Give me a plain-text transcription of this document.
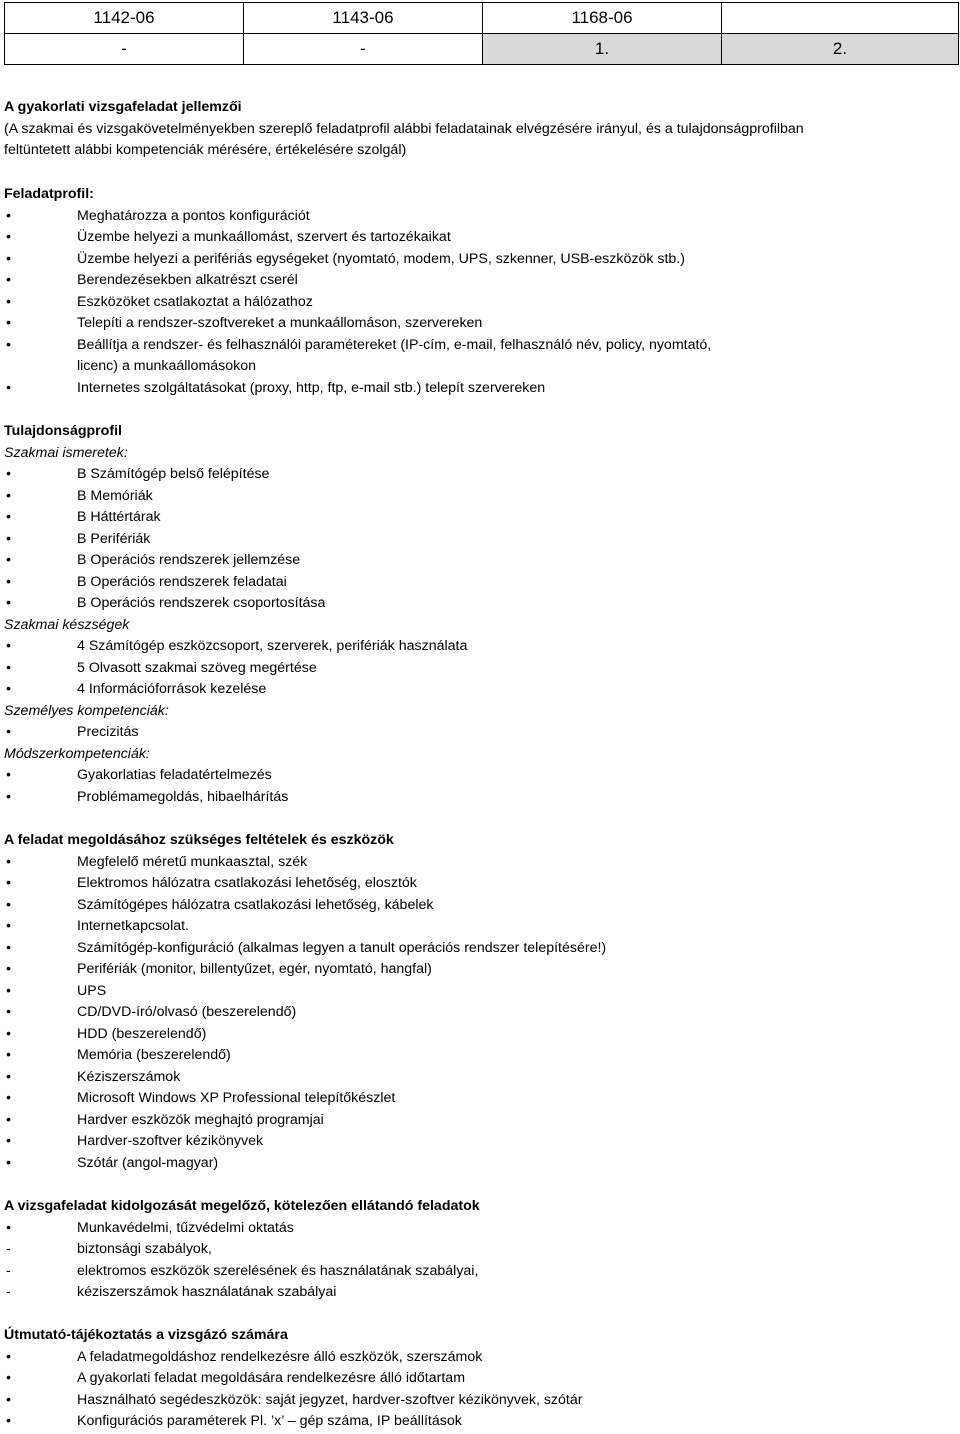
1142-06	1143-06	1168-06	
-	-	1.	2.
A gyakorlati vizsgafeladat jellemzői
(A szakmai és vizsgakövetelményekben szereplő feladatprofil alábbi feladatainak elvégzésére irányul, és a tulajdonságprofilban
feltüntetett alábbi kompetenciák mérésére, értékelésére szolgál)
Feladatprofil:
•	Meghatározza a pontos konfigurációt
•	Üzembe helyezi a munkaállomást, szervert és tartozékaikat
•	Üzembe helyezi a perifériás egységeket (nyomtató, modem, UPS, szkenner, USB-eszközök stb.)
•	Berendezésekben alkatrészt cserél
•	Eszközöket csatlakoztat a hálózathoz
•	Telepíti a rendszer-szoftvereket a munkaállomáson, szervereken
•	Beállítja a rendszer- és felhasználói paramétereket (IP-cím, e-mail, felhasználó név, policy, nyomtató,
licenc) a munkaállomásokon
•	Internetes szolgáltatásokat (proxy, http, ftp, e-mail stb.) telepít szervereken
Tulajdonságprofil
Szakmai ismeretek:
•	B Számítógép belső felépítése
•	B Memóriák
•	B Háttértárak
•	B Perifériák
•	B Operációs rendszerek jellemzése
•	B Operációs rendszerek feladatai
•	B Operációs rendszerek csoportosítása
Szakmai készségek
•	4 Számítógép eszközcsoport, szerverek, perifériák használata
•	5 Olvasott szakmai szöveg megértése
•	4 Információforrások kezelése
Személyes kompetenciák:
•	Precizitás
Módszerkompetenciák:
•	Gyakorlatias feladatértelmezés
•	Problémamegoldás, hibaelhárítás
A feladat megoldásához szükséges feltételek és eszközök
•	Megfelelő méretű munkaasztal, szék
•	Elektromos hálózatra csatlakozási lehetőség, elosztók
•	Számítógépes hálózatra csatlakozási lehetőség, kábelek
•	Internetkapcsolat.
•	Számítógép-konfiguráció (alkalmas legyen a tanult operációs rendszer telepítésére!)
•	Perifériák (monitor, billentyűzet, egér, nyomtató, hangfal)
•	UPS
•	CD/DVD-író/olvasó (beszerelendő)
•	HDD (beszerelendő)
•	Memória (beszerelendő)
•	Kéziszerszámok
•	Microsoft Windows XP Professional telepítőkészlet
•	Hardver eszközök meghajtó programjai
•	Hardver-szoftver kézikönyvek
•	Szótár (angol-magyar)
A vizsgafeladat kidolgozását megelőző, kötelezően ellátandó feladatok
•	Munkavédelmi, tűzvédelmi oktatás
-	biztonsági szabályok,
-	elektromos eszközök szerelésének és használatának szabályai,
-	kéziszerszámok használatának szabályai
Útmutató-tájékoztatás a vizsgázó számára
•	A feladatmegoldáshoz rendelkezésre álló eszközök, szerszámok
•	A gyakorlati feladat megoldására rendelkezésre álló időtartam
•	Használható segédeszközök: saját jegyzet, hardver-szoftver kézikönyvek, szótár
•	Konfigurációs paraméterek Pl. ’x’ – gép száma, IP beállítások
